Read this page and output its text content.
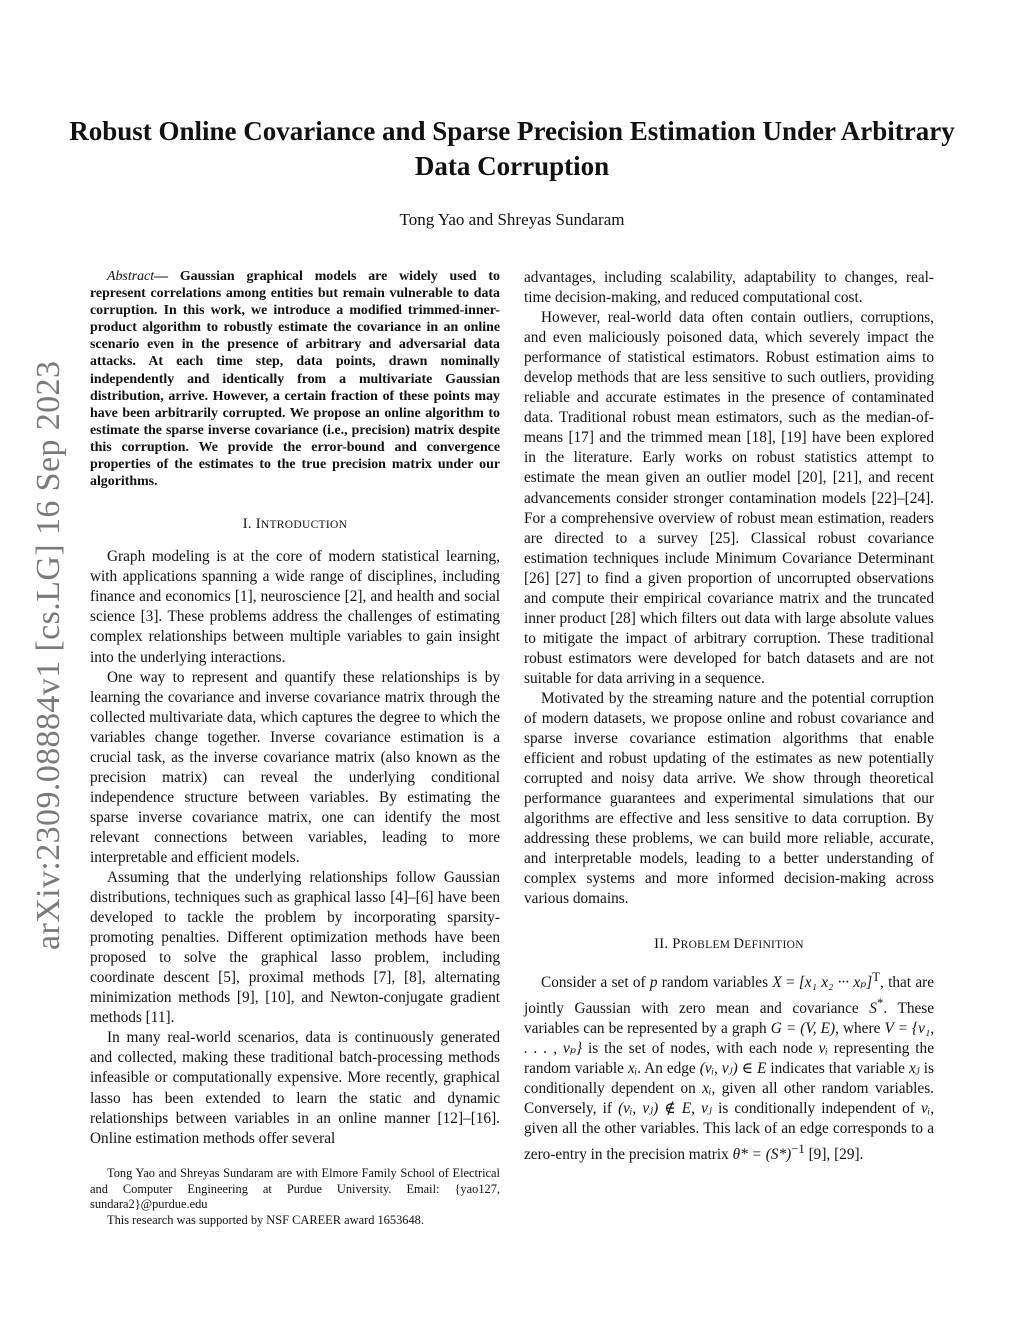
Robust Online Covariance and Sparse Precision Estimation Under Arbitrary Data Corruption
Tong Yao and Shreyas Sundaram
arXiv:2309.08884v1 [cs.LG] 16 Sep 2023

Abstract— Gaussian graphical models are widely used to represent correlations among entities but remain vulnerable to data corruption. In this work, we introduce a modified trimmed-inner-product algorithm to robustly estimate the covariance in an online scenario even in the presence of arbitrary and adversarial data attacks. At each time step, data points, drawn nominally independently and identically from a multivariate Gaussian distribution, arrive. However, a certain fraction of these points may have been arbitrarily corrupted. We propose an online algorithm to estimate the sparse inverse covariance (i.e., precision) matrix despite this corruption. We provide the error-bound and convergence properties of the estimates to the true precision matrix under our algorithms.

I. INTRODUCTION

Graph modeling is at the core of modern statistical learning, with applications spanning a wide range of disciplines, including finance and economics [1], neuroscience [2], and health and social science [3]. These problems address the challenges of estimating complex relationships between multiple variables to gain insight into the underlying interactions.

One way to represent and quantify these relationships is by learning the covariance and inverse covariance matrix through the collected multivariate data, which captures the degree to which the variables change together. Inverse covariance estimation is a crucial task, as the inverse covariance matrix (also known as the precision matrix) can reveal the underlying conditional independence structure between variables. By estimating the sparse inverse covariance matrix, one can identify the most relevant connections between variables, leading to more interpretable and efficient models.

Assuming that the underlying relationships follow Gaussian distributions, techniques such as graphical lasso [4]–[6] have been developed to tackle the problem by incorporating sparsity-promoting penalties. Different optimization methods have been proposed to solve the graphical lasso problem, including coordinate descent [5], proximal methods [7], [8], alternating minimization methods [9], [10], and Newton-conjugate gradient methods [11].

In many real-world scenarios, data is continuously generated and collected, making these traditional batch-processing methods infeasible or computationally expensive. More recently, graphical lasso has been extended to learn the static and dynamic relationships between variables in an online manner [12]–[16]. Online estimation methods offer several

Tong Yao and Shreyas Sundaram are with Elmore Family School of Electrical and Computer Engineering at Purdue University. Email: {yao127, sundara2}@purdue.edu

This research was supported by NSF CAREER award 1653648.

advantages, including scalability, adaptability to changes, real-time decision-making, and reduced computational cost.

However, real-world data often contain outliers, corruptions, and even maliciously poisoned data, which severely impact the performance of statistical estimators. Robust estimation aims to develop methods that are less sensitive to such outliers, providing reliable and accurate estimates in the presence of contaminated data. Traditional robust mean estimators, such as the median-of-means [17] and the trimmed mean [18], [19] have been explored in the literature. Early works on robust statistics attempt to estimate the mean given an outlier model [20], [21], and recent advancements consider stronger contamination models [22]–[24]. For a comprehensive overview of robust mean estimation, readers are directed to a survey [25]. Classical robust covariance estimation techniques include Minimum Covariance Determinant [26] [27] to find a given proportion of uncorrupted observations and compute their empirical covariance matrix and the truncated inner product [28] which filters out data with large absolute values to mitigate the impact of arbitrary corruption. These traditional robust estimators were developed for batch datasets and are not suitable for data arriving in a sequence.

Motivated by the streaming nature and the potential corruption of modern datasets, we propose online and robust covariance and sparse inverse covariance estimation algorithms that enable efficient and robust updating of the estimates as new potentially corrupted and noisy data arrive. We show through theoretical performance guarantees and experimental simulations that our algorithms are effective and less sensitive to data corruption. By addressing these problems, we can build more reliable, accurate, and interpretable models, leading to a better understanding of complex systems and more informed decision-making across various domains.

II. PROBLEM DEFINITION

Consider a set of p random variables X = [x₁ x₂ ··· xₚ]$^T$, that are jointly Gaussian with zero mean and covariance S*. These variables can be represented by a graph G = (V, E), where V = {v₁, . . . , vₚ} is the set of nodes, with each node vᵢ representing the random variable xᵢ. An edge (vᵢ, vⱼ) ∈ E indicates that variable xⱼ is conditionally dependent on xᵢ, given all other random variables. Conversely, if (vᵢ, vⱼ) ∉ E, vⱼ is conditionally independent of vᵢ, given all the other variables. This lack of an edge corresponds to a zero-entry in the precision matrix $\theta* = (S*)^{-1}$ [9], [29].
